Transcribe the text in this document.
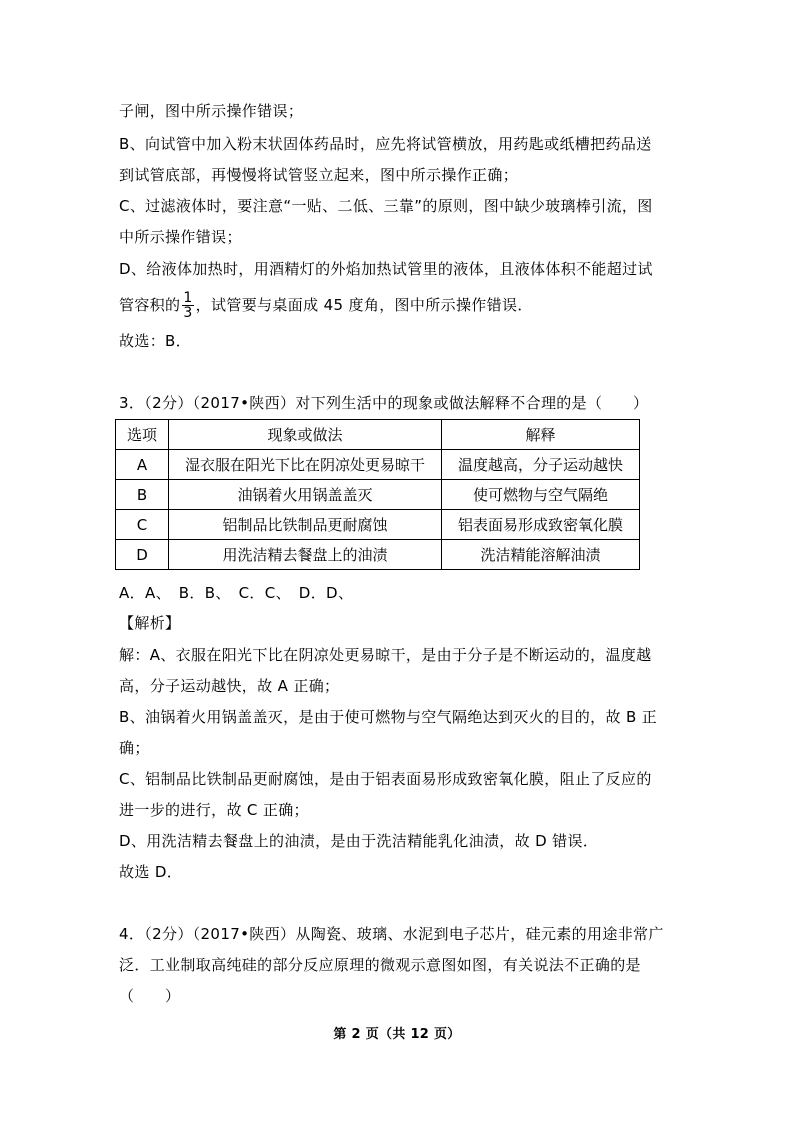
子闸，图中所示操作错误；
B、向试管中加入粉末状固体药品时，应先将试管横放，用药匙或纸槽把药品送
到试管底部，再慢慢将试管竖立起来，图中所示操作正确；
C、过滤液体时，要注意“一贴、二低、三靠”的原则，图中缺少玻璃棒引流，图
中所示操作错误；
D、给液体加热时，用酒精灯的外焰加热试管里的液体，且液体体积不能超过试
管容积的 $\frac{1}{3}$ ，试管要与桌面成 45 度角，图中所示操作错误．
故选：B．
3．（2分）（2017•陕西）对下列生活中的现象或做法解释不合理的是（　　）
选项	现象或做法	解释
A	湿衣服在阳光下比在阴凉处更易晾干	温度越高，分子运动越快
B	油锅着火用锅盖盖灭	使可燃物与空气隔绝
C	铝制品比铁制品更耐腐蚀	铝表面易形成致密氧化膜
D	用洗洁精去餐盘上的油渍	洗洁精能溶解油渍
A．A、　B．B、　C．C、　D．D、
【解析】
解：A、衣服在阳光下比在阴凉处更易晾干，是由于分子是不断运动的，温度越
高，分子运动越快，故 A 正确；
B、油锅着火用锅盖盖灭，是由于使可燃物与空气隔绝达到灭火的目的，故 B 正
确；
C、铝制品比铁制品更耐腐蚀，是由于铝表面易形成致密氧化膜，阻止了反应的
进一步的进行，故 C 正确；
D、用洗洁精去餐盘上的油渍，是由于洗洁精能乳化油渍，故 D 错误．
故选 D．
4．（2分）（2017•陕西）从陶瓷、玻璃、水泥到电子芯片，硅元素的用途非常广
泛．工业制取高纯硅的部分反应原理的微观示意图如图，有关说法不正确的是
（　　）
第 2 页（共 12 页）
